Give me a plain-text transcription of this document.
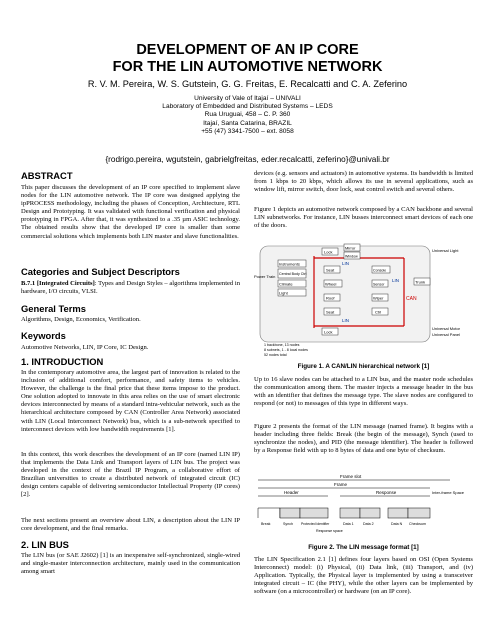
DEVELOPMENT OF AN IP CORE
FOR THE LIN AUTOMOTIVE NETWORK
R. V. M. Pereira, W. S. Gutstein, G. G. Freitas, E. Recalcatti and C. A. Zeferino
University of Vale of Itajaí – UNIVALI
Laboratory of Embedded and Distributed Systems – LEDS
Rua Uruguai, 458 – C. P. 360
Itajaí, Santa Catarina, BRAZIL
+55 (47) 3341-7500 – ext. 8058
{rodrigo.pereira, wgutstein, gabrielgfreitas, eder.recalcatti, zeferino}@univali.br
ABSTRACT

This paper discusses the development of an IP core specified to implement slave nodes for the LIN automotive network. The IP core was designed applying the ipPROCESS methodology, including the phases of Conception, Architecture, RTL Design and Prototyping. It was validated with functional verification and physical prototyping in FPGA. After that, it was synthesized to a .35 µm ASIC technology. The obtained results show that the developed IP core is smaller than some commercial solutions which implements both LIN master and slave functionalities.

Categories and Subject Descriptors

B.7.1 [Integrated Circuits]: Types and Design Styles – algorithms implemented in hardware, I/O circuits, VLSI.

General Terms

Algorithms, Design, Economics, Verification.

Keywords

Automotive Networks, LIN, IP Core, IC Design.

1. INTRODUCTION

In the contemporary automotive area, the largest part of innovation is related to the inclusion of additional comfort, performance, and safety items to vehicles. However, the challenge is the final price that these items impose to the product. One solution adopted to innovate in this area relies on the use of smart electronic devices interconnected by means of a standard intra-vehicular network, such as the hierarchical architecture composed by CAN (Controller Area Network) associated with LIN (Local Interconnect Network) bus, which is a sub-network specified to interconnect devices with low bandwidth requirements [1].

In this context, this work describes the development of an IP core (named LIN IP) that implements the Data Link and Transport layers of LIN bus. The project was developed in the context of the Brazil IP Program, a collaborative effort of Brazilian universities to create a distributed network of integrated circuit (IC) design centers capable of delivering semiconductor Intellectual Property (IP cores) [2].

The next sections present an overview about LIN, a description about the LIN IP core development, and the final remarks.

2. LIN BUS

The LIN bus (or SAE J2602) [1] is an inexpensive self-synchronized, single-wired and single-master interconnection architecture, mainly used in the communication among smart

devices (e.g. sensors and actuators) in automotive systems. Its bandwidth is limited from 1 kbps to 20 kbps, which allows its use in several applications, such as window lift, mirror switch, door lock, seat control switch and several others.

Figure 1 depicts an automotive network composed by a CAN backbone and several LIN subnetworks. For instance, LIN busses interconnect smart devices of each one of the doors.

CAN
Instruments
Central Body Ctrl
Climate
Light
Power Train
Lock
Mirror
Window
Seat
Wheel
Roof
Seat
Lock
Console
Sensor
Wiper
Ctrl
Trunk
LIN
LIN
LIN
Universal Light
Universal Motor
Universal Panel
1 backbone, 13 nodes
8 subnets, 1 - 8 local nodes
52 nodes total
Figure 1. A CAN/LIN hierarchical network [1]

Up to 16 slave nodes can be attached to a LIN bus, and the master node schedules the communication among them. The master injects a message header in the bus with an identifier that defines the message type. The slave nodes are configured to respond (or not) to messages of this type in different ways.

Figure 2 presents the format of the LIN message (named frame). It begins with a header including three fields: Break (the begin of the message), Synch (used to synchronize the nodes), and PID (the message identifier). The header is followed by a Response field with up to 8 bytes of data and one byte of checksum.

Frame slot
Frame
Header	Response	Inter-frame Space
Break	Synch Protected identifier	Data 1	Data 2	Data N Checksum
Response space
Figure 2. The LIN message format [1]

The LIN Specification 2.1 [1] defines four layers based on OSI (Open Systems Interconnect) model: (i) Physical, (ii) Data link, (iii) Transport, and (iv) Application. Typically, the Physical layer is implemented by using a transceiver integrated circuit – IC (the PHY), while the other layers can be implemented by software (on a microcontroller) or hardware (on an IP core).
